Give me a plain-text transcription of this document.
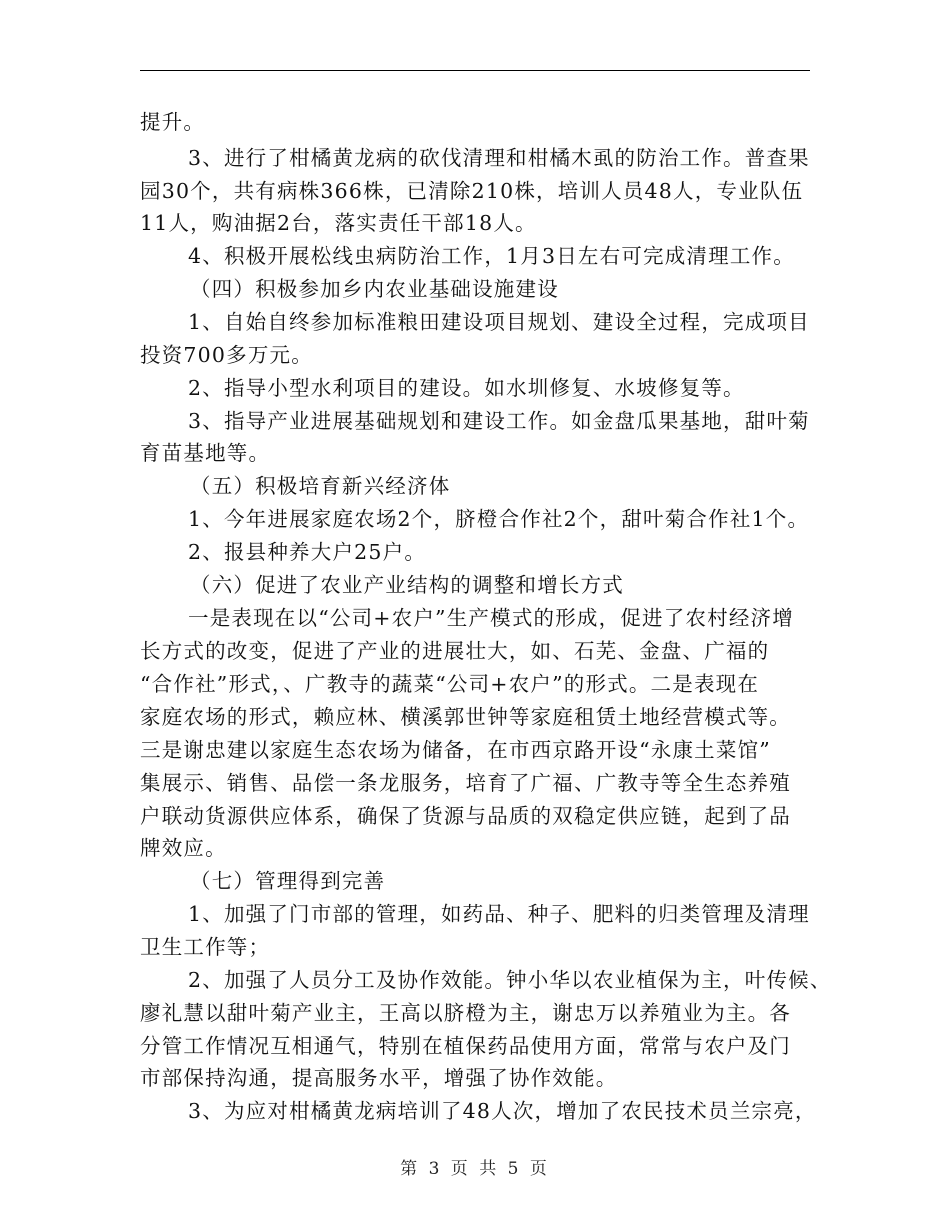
提升。
3、进行了柑橘黄龙病的砍伐清理和柑橘木虱的防治工作。普查果
园30个，共有病株366株，已清除210株，培训人员48人，专业队伍
11人，购油据2台，落实责任干部18人。
4、积极开展松线虫病防治工作，1月3日左右可完成清理工作。
（四）积极参加乡内农业基础设施建设
1、自始自终参加标准粮田建设项目规划、建设全过程，完成项目
投资700多万元。
2、指导小型水利项目的建设。如水圳修复、水坡修复等。
3、指导产业进展基础规划和建设工作。如金盘瓜果基地，甜叶菊
育苗基地等。
（五）积极培育新兴经济体
1、今年进展家庭农场2个，脐橙合作社2个，甜叶菊合作社1个。
2、报县种养大户25户。
（六）促进了农业产业结构的调整和增长方式
一是表现在以“公司+农户”生产模式的形成，促进了农村经济增
长方式的改变，促进了产业的进展壮大，如、石芜、金盘、广福的
“合作社”形式，、广教寺的蔬菜“公司+农户”的形式。二是表现在
家庭农场的形式，赖应林、横溪郭世钟等家庭租赁土地经营模式等。
三是谢忠建以家庭生态农场为储备，在市西京路开设“永康土菜馆”
集展示、销售、品偿一条龙服务，培育了广福、广教寺等全生态养殖
户联动货源供应体系，确保了货源与品质的双稳定供应链，起到了品
牌效应。
（七）管理得到完善
1、加强了门市部的管理，如药品、种子、肥料的归类管理及清理
卫生工作等；
2、加强了人员分工及协作效能。钟小华以农业植保为主，叶传候、
廖礼慧以甜叶菊产业主，王高以脐橙为主，谢忠万以养殖业为主。各
分管工作情况互相通气，特别在植保药品使用方面，常常与农户及门
市部保持沟通，提高服务水平，增强了协作效能。
3、为应对柑橘黄龙病培训了48人次，增加了农民技术员兰宗亮，
第 3 页 共 5 页
